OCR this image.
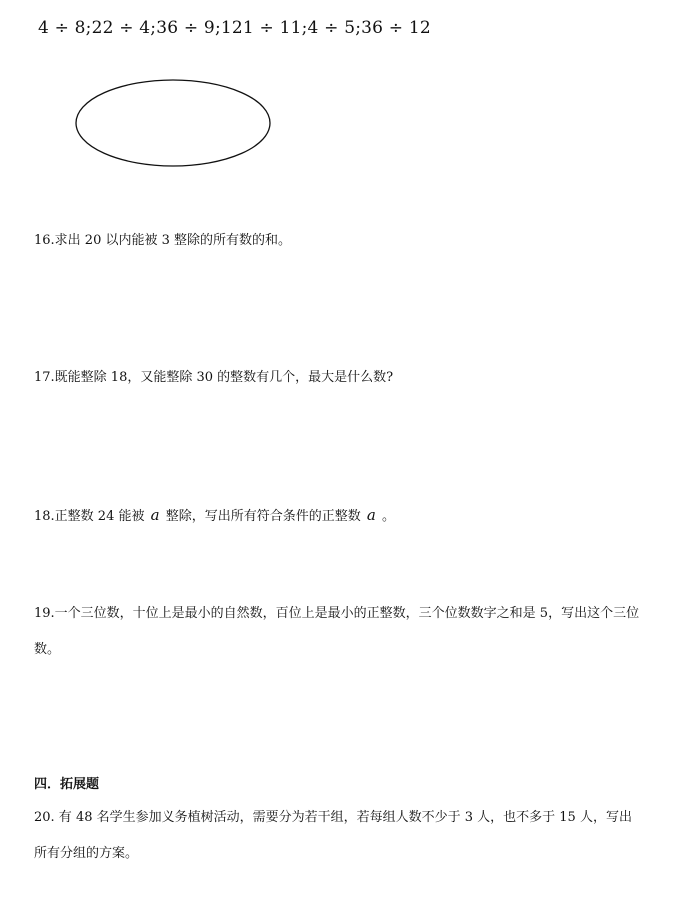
4 ÷ 8;22 ÷ 4;36 ÷ 9;121 ÷ 11;4 ÷ 5;36 ÷ 12
16.求出 20 以内能被 3 整除的所有数的和。
17.既能整除 18，又能整除 30 的整数有几个，最大是什么数?
18.正整数 24 能被 a 整除，写出所有符合条件的正整数 a 。
19.一个三位数，十位上是最小的自然数，百位上是最小的正整数，三个位数数字之和是 5，写出这个三位数。
四．拓展题
20. 有 48 名学生参加义务植树活动，需要分为若干组，若每组人数不少于 3 人，也不多于 15 人，写出所有分组的方案。
